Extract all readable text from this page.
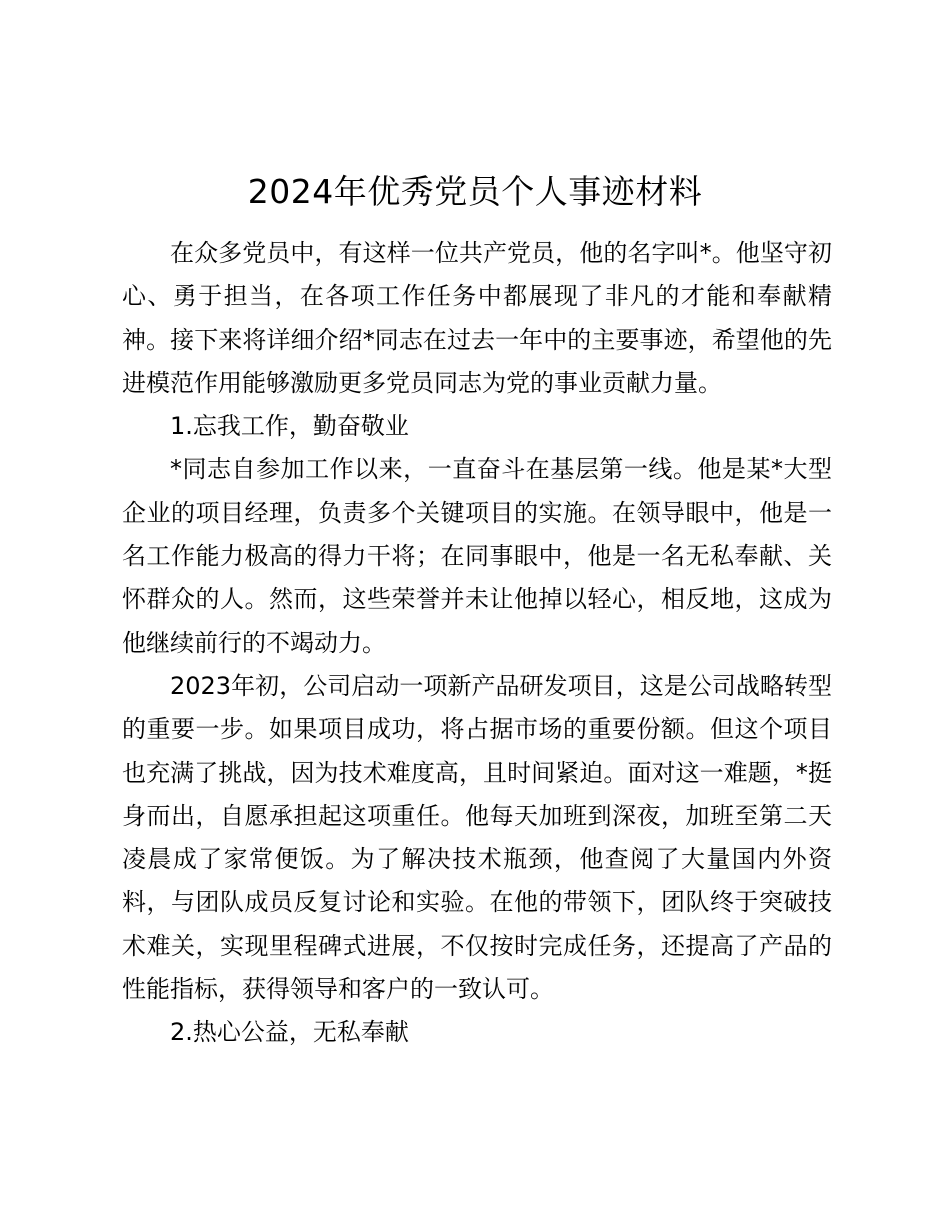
2024年优秀党员个人事迹材料

在众多党员中，有这样一位共产党员，他的名字叫*。他坚守初心、勇于担当，在各项工作任务中都展现了非凡的才能和奉献精神。接下来将详细介绍*同志在过去一年中的主要事迹，希望他的先进模范作用能够激励更多党员同志为党的事业贡献力量。

1.忘我工作，勤奋敬业

*同志自参加工作以来，一直奋斗在基层第一线。他是某*大型企业的项目经理，负责多个关键项目的实施。在领导眼中，他是一名工作能力极高的得力干将；在同事眼中，他是一名无私奉献、关怀群众的人。然而，这些荣誉并未让他掉以轻心，相反地，这成为他继续前行的不竭动力。

2023年初，公司启动一项新产品研发项目，这是公司战略转型的重要一步。如果项目成功，将占据市场的重要份额。但这个项目也充满了挑战，因为技术难度高，且时间紧迫。面对这一难题，*挺身而出，自愿承担起这项重任。他每天加班到深夜，加班至第二天凌晨成了家常便饭。为了解决技术瓶颈，他查阅了大量国内外资料，与团队成员反复讨论和实验。在他的带领下，团队终于突破技术难关，实现里程碑式进展，不仅按时完成任务，还提高了产品的性能指标，获得领导和客户的一致认可。

2.热心公益，无私奉献
